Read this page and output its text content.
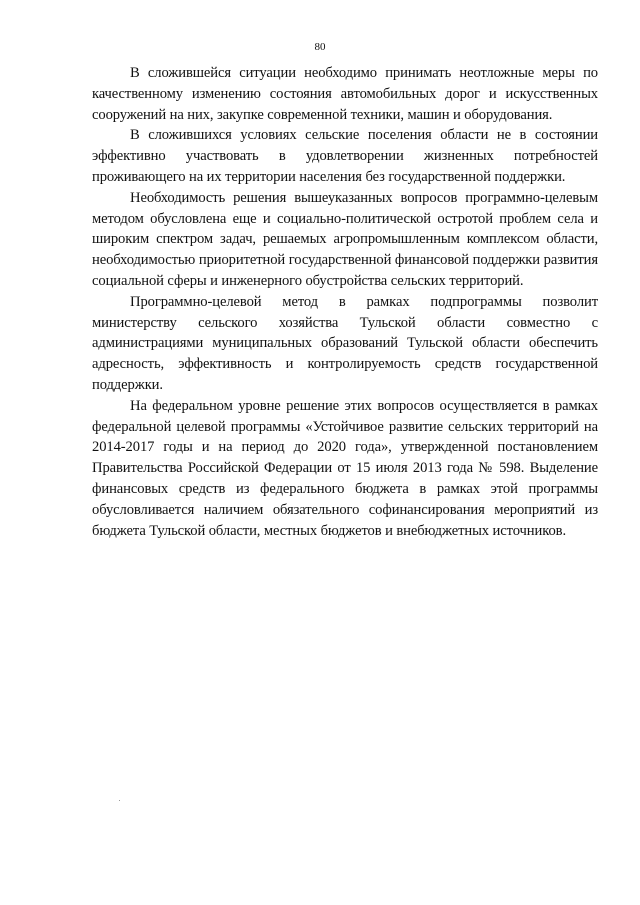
80

В сложившейся ситуации необходимо принимать неотложные меры по качественному изменению состояния автомобильных дорог и искусственных сооружений на них, закупке современной техники, машин и оборудования.

В сложившихся условиях сельские поселения области не в состоянии эффективно участвовать в удовлетворении жизненных потребностей проживающего на их территории населения без государственной поддержки.

Необходимость решения вышеуказанных вопросов программно-целевым методом обусловлена еще и социально-политической остротой проблем села и широким спектром задач, решаемых агропромышленным комплексом области, необходимостью приоритетной государственной финансовой поддержки развития социальной сферы и инженерного обустройства сельских территорий.

Программно-целевой метод в рамках подпрограммы позволит министерству сельского хозяйства Тульской области совместно с администрациями муниципальных образований Тульской области обеспечить адресность, эффективность и контролируемость средств государственной поддержки.

На федеральном уровне решение этих вопросов осуществляется в рамках федеральной целевой программы «Устойчивое развитие сельских территорий на 2014-2017 годы и на период до 2020 года», утвержденной постановлением Правительства Российской Федерации от 15 июля 2013 года № 598. Выделение финансовых средств из федерального бюджета в рамках этой программы обусловливается наличием обязательного софинансирования мероприятий из бюджета Тульской области, местных бюджетов и внебюджетных источников.
